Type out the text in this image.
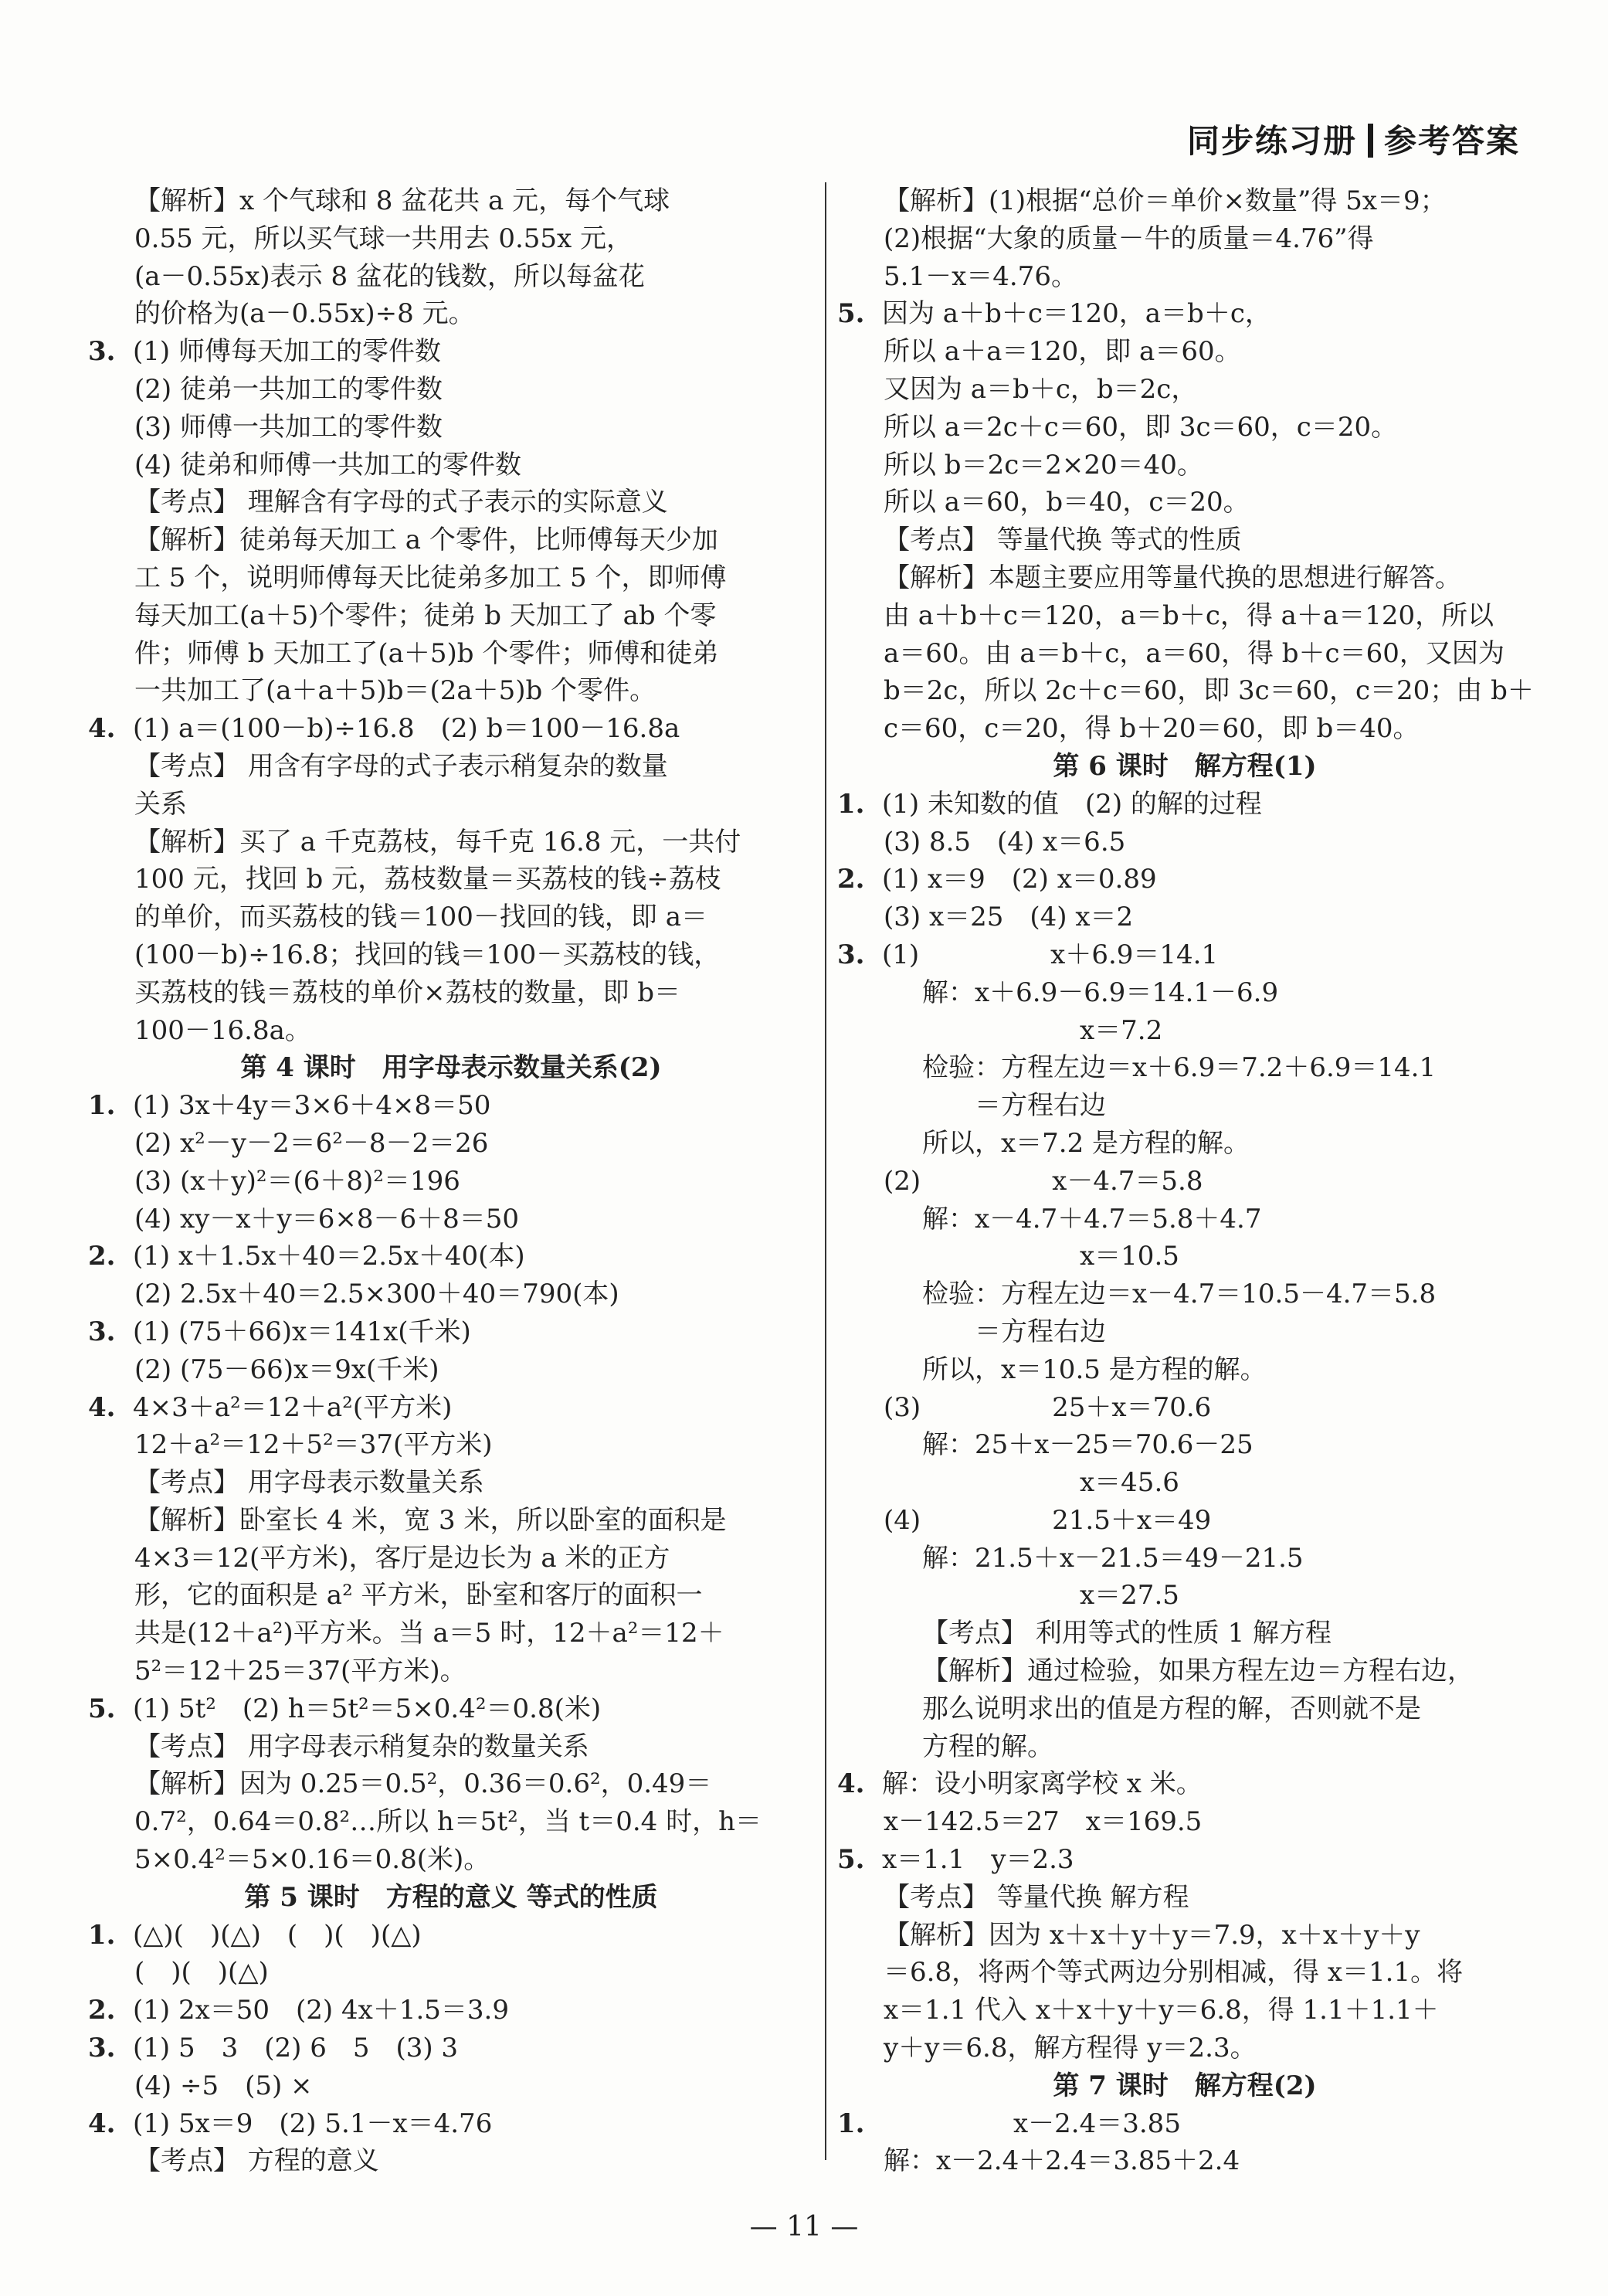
同步练习册 参考答案
【解析】x 个气球和 8 盆花共 a 元，每个气球
0.55 元，所以买气球一共用去 0.55x 元，
(a－0.55x)表示 8 盆花的钱数，所以每盆花
的价格为(a－0.55x)÷8 元。
3. (1) 师傅每天加工的零件数
(2) 徒弟一共加工的零件数
(3) 师傅一共加工的零件数
(4) 徒弟和师傅一共加工的零件数
【考点】 理解含有字母的式子表示的实际意义
【解析】徒弟每天加工 a 个零件，比师傅每天少加
工 5 个，说明师傅每天比徒弟多加工 5 个，即师傅
每天加工(a＋5)个零件；徒弟 b 天加工了 ab 个零
件；师傅 b 天加工了(a＋5)b 个零件；师傅和徒弟
一共加工了(a＋a＋5)b＝(2a＋5)b 个零件。
4. (1) a＝(100－b)÷16.8　(2) b＝100－16.8a
【考点】 用含有字母的式子表示稍复杂的数量
关系
【解析】买了 a 千克荔枝，每千克 16.8 元，一共付
100 元，找回 b 元，荔枝数量＝买荔枝的钱÷荔枝
的单价，而买荔枝的钱＝100－找回的钱，即 a＝
(100－b)÷16.8；找回的钱＝100－买荔枝的钱，
买荔枝的钱＝荔枝的单价×荔枝的数量，即 b＝
100－16.8a。
第 4 课时　用字母表示数量关系(2)
1. (1) 3x＋4y＝3×6＋4×8＝50
(2) x²－y－2＝6²－8－2＝26
(3) (x＋y)²＝(6＋8)²＝196
(4) xy－x＋y＝6×8－6＋8＝50
2. (1) x＋1.5x＋40＝2.5x＋40(本)
(2) 2.5x＋40＝2.5×300＋40＝790(本)
3. (1) (75＋66)x＝141x(千米)
(2) (75－66)x＝9x(千米)
4. 4×3＋a²＝12＋a²(平方米)
12＋a²＝12＋5²＝37(平方米)
【考点】 用字母表示数量关系
【解析】卧室长 4 米，宽 3 米，所以卧室的面积是
4×3＝12(平方米)，客厅是边长为 a 米的正方
形，它的面积是 a² 平方米，卧室和客厅的面积一
共是(12＋a²)平方米。当 a＝5 时，12＋a²＝12＋
5²＝12＋25＝37(平方米)。
5. (1) 5t²　(2) h＝5t²＝5×0.4²＝0.8(米)
【考点】 用字母表示稍复杂的数量关系
【解析】因为 0.25＝0.5²，0.36＝0.6²，0.49＝
0.7²，0.64＝0.8²…所以 h＝5t²，当 t＝0.4 时，h＝
5×0.4²＝5×0.16＝0.8(米)。
第 5 课时　方程的意义 等式的性质
1. (△)(　)(△)　(　)(　)(△)
(　)(　)(△)
2. (1) 2x＝50　(2) 4x＋1.5＝3.9
3. (1) 5　3　(2) 6　5　(3) 3
(4) ÷5　(5) ×
4. (1) 5x＝9　(2) 5.1－x＝4.76
【考点】 方程的意义
【解析】(1)根据“总价＝单价×数量”得 5x＝9；
(2)根据“大象的质量－牛的质量＝4.76”得
5.1－x＝4.76。
5. 因为 a＋b＋c＝120，a＝b＋c，
所以 a＋a＝120，即 a＝60。
又因为 a＝b＋c，b＝2c，
所以 a＝2c＋c＝60，即 3c＝60，c＝20。
所以 b＝2c＝2×20＝40。
所以 a＝60，b＝40，c＝20。
【考点】 等量代换 等式的性质
【解析】本题主要应用等量代换的思想进行解答。
由 a＋b＋c＝120，a＝b＋c，得 a＋a＝120，所以
a＝60。由 a＝b＋c，a＝60，得 b＋c＝60，又因为
b＝2c，所以 2c＋c＝60，即 3c＝60，c＝20；由 b＋
c＝60，c＝20，得 b＋20＝60，即 b＝40。
第 6 课时　解方程(1)
1. (1) 未知数的值　(2) 的解的过程
(3) 8.5　(4) x＝6.5
2. (1) x＝9　(2) x＝0.89
(3) x＝25　(4) x＝2
3. (1)　　　　　x＋6.9＝14.1
解：x＋6.9－6.9＝14.1－6.9
　　　　　　x＝7.2
检验：方程左边＝x＋6.9＝7.2＋6.9＝14.1
　　＝方程右边
所以，x＝7.2 是方程的解。
(2)　　　　　x－4.7＝5.8
解：x－4.7＋4.7＝5.8＋4.7
　　　　　　x＝10.5
检验：方程左边＝x－4.7＝10.5－4.7＝5.8
　　＝方程右边
所以，x＝10.5 是方程的解。
(3)　　　　　25＋x＝70.6
解：25＋x－25＝70.6－25
　　　　　　x＝45.6
(4)　　　　　21.5＋x＝49
解：21.5＋x－21.5＝49－21.5
　　　　　　x＝27.5
【考点】 利用等式的性质 1 解方程
【解析】通过检验，如果方程左边＝方程右边，
那么说明求出的值是方程的解，否则就不是
方程的解。
4. 解：设小明家离学校 x 米。
x－142.5＝27　x＝169.5
5. x＝1.1　y＝2.3
【考点】 等量代换 解方程
【解析】因为 x＋x＋y＋y＝7.9，x＋x＋y＋y
＝6.8，将两个等式两边分别相减，得 x＝1.1。将
x＝1.1 代入 x＋x＋y＋y＝6.8，得 1.1＋1.1＋
y＋y＝6.8，解方程得 y＝2.3。
第 7 课时　解方程(2)
1.　　　　　x－2.4＝3.85
解：x－2.4＋2.4＝3.85＋2.4
— 11 —
